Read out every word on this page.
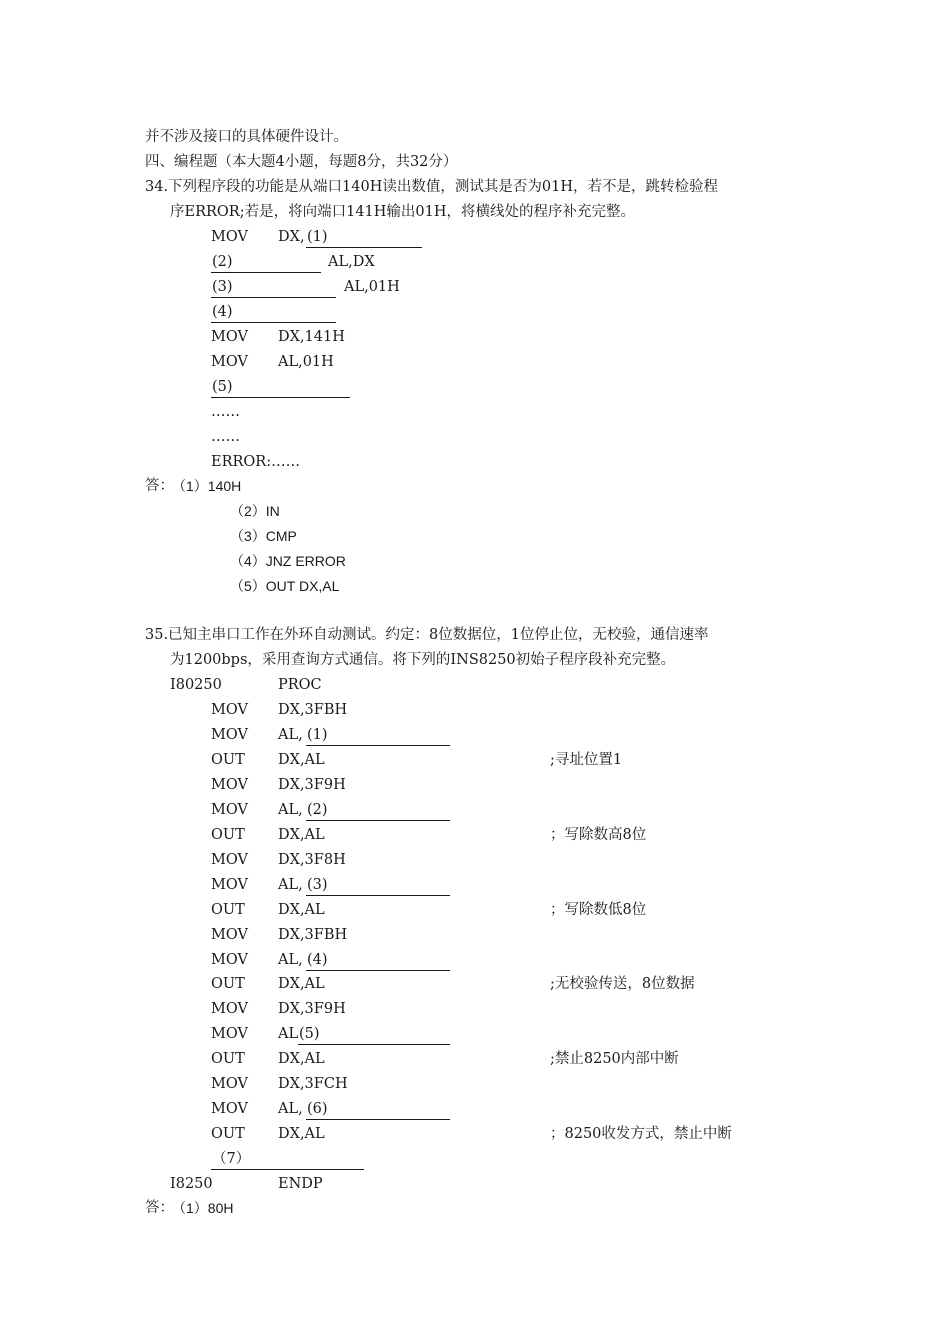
并不涉及接口的具体硬件设计。
四、编程题（本大题4小题，每题8分，共32分）
34.下列程序段的功能是从端口140H读出数值，测试其是否为01H，若不是，跳转检验程
序ERROR;若是，将向端口141H输出01H，将横线处的程序补充完整。
MOV DX, (1)
(2)	AL,DX
(3)	AL,01H
(4)
MOV DX,141H
MOV AL,01H
(5)
……
……
ERROR:……
答：
（1）140H
（2）IN
（3）CMP
（4）JNZ ERROR
（5）OUT DX,AL
35.已知主串口工作在外环自动测试。约定：8位数据位，1位停止位，无校验，通信速率
为1200bps，采用查询方式通信。将下列的INS8250初始子程序段补充完整。
I80250	PROC
MOV DX,3FBH
MOV AL, (1)
OUT DX,AL	;寻址位置1
MOV DX,3F9H
MOV AL, (2)
OUT DX,AL	；写除数高8位
MOV DX,3F8H
MOV AL, (3)
OUT DX,AL	；写除数低8位
MOV DX,3FBH
MOV AL, (4)
OUT DX,AL	;无校验传送，8位数据
MOV DX,3F9H
MOV AL (5)
OUT DX,AL	;禁止8250内部中断
MOV DX,3FCH
MOV AL, (6)
OUT DX,AL	；8250收发方式，禁止中断
（7）
I8250	ENDP
答：
（1）80H
